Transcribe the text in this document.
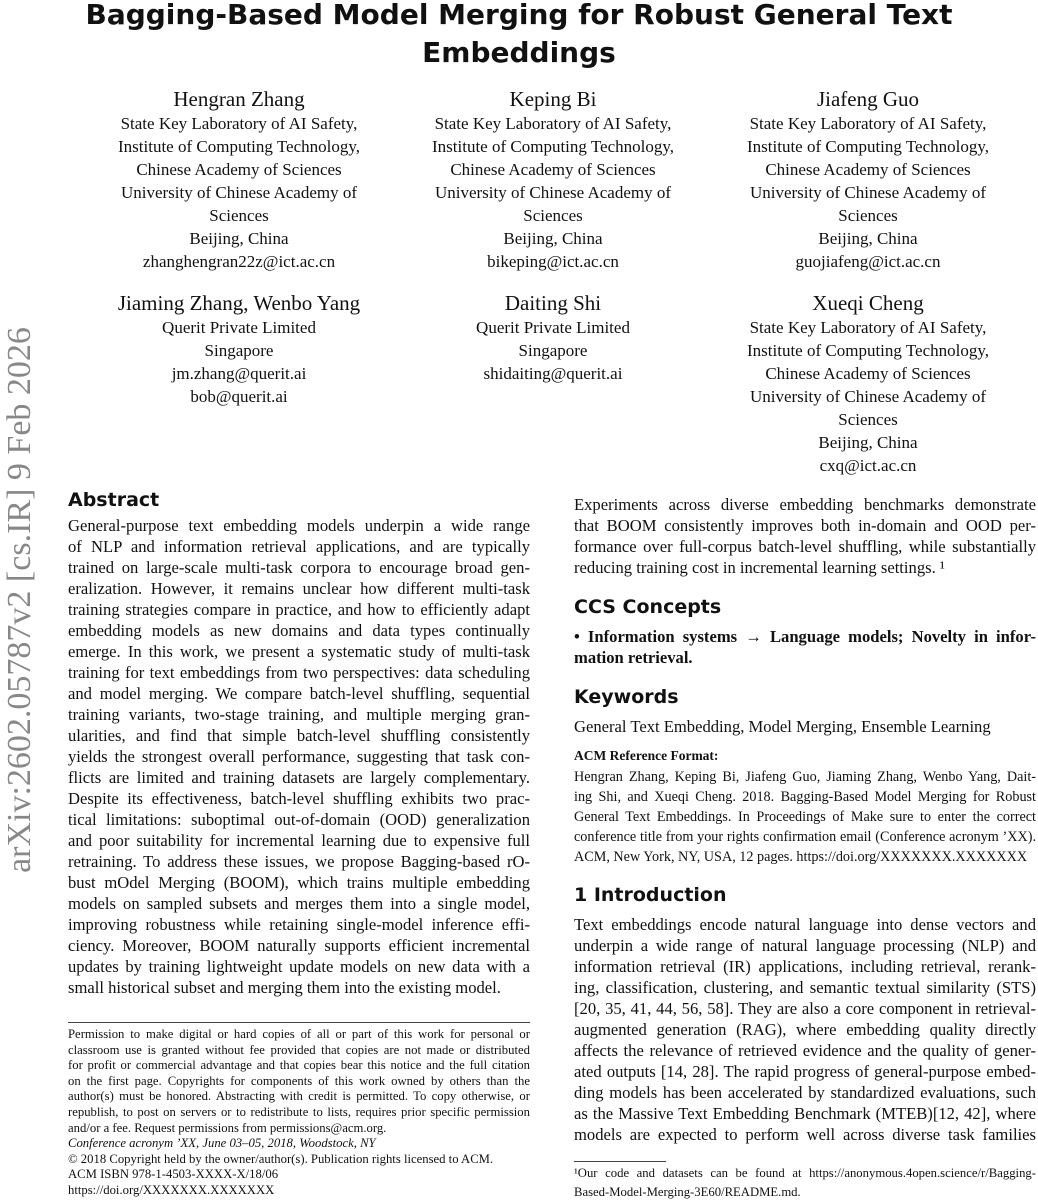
Bagging-Based Model Merging for Robust General Text
Embeddings
arXiv:2602.05787v2 [cs.IR] 9 Feb 2026
Hengran Zhang
State Key Laboratory of AI Safety,
Institute of Computing Technology,
Chinese Academy of Sciences
University of Chinese Academy of
Sciences
Beijing, China
zhanghengran22z@ict.ac.cn
Keping Bi
State Key Laboratory of AI Safety,
Institute of Computing Technology,
Chinese Academy of Sciences
University of Chinese Academy of
Sciences
Beijing, China
bikeping@ict.ac.cn
Jiafeng Guo
State Key Laboratory of AI Safety,
Institute of Computing Technology,
Chinese Academy of Sciences
University of Chinese Academy of
Sciences
Beijing, China
guojiafeng@ict.ac.cn
Jiaming Zhang, Wenbo Yang
Querit Private Limited
Singapore
jm.zhang@querit.ai
bob@querit.ai
Daiting Shi
Querit Private Limited
Singapore
shidaiting@querit.ai
Xueqi Cheng
State Key Laboratory of AI Safety,
Institute of Computing Technology,
Chinese Academy of Sciences
University of Chinese Academy of
Sciences
Beijing, China
cxq@ict.ac.cn
Abstract
General-purpose text embedding models underpin a wide range
of NLP and information retrieval applications, and are typically
trained on large-scale multi-task corpora to encourage broad gen-
eralization. However, it remains unclear how different multi-task
training strategies compare in practice, and how to efficiently adapt
embedding models as new domains and data types continually
emerge. In this work, we present a systematic study of multi-task
training for text embeddings from two perspectives: data scheduling
and model merging. We compare batch-level shuffling, sequential
training variants, two-stage training, and multiple merging gran-
ularities, and find that simple batch-level shuffling consistently
yields the strongest overall performance, suggesting that task con-
flicts are limited and training datasets are largely complementary.
Despite its effectiveness, batch-level shuffling exhibits two prac-
tical limitations: suboptimal out-of-domain (OOD) generalization
and poor suitability for incremental learning due to expensive full
retraining. To address these issues, we propose Bagging-based rO-
bust mOdel Merging (BOOM), which trains multiple embedding
models on sampled subsets and merges them into a single model,
improving robustness while retaining single-model inference effi-
ciency. Moreover, BOOM naturally supports efficient incremental
updates by training lightweight update models on new data with a
small historical subset and merging them into the existing model.
Permission to make digital or hard copies of all or part of this work for personal or
classroom use is granted without fee provided that copies are not made or distributed
for profit or commercial advantage and that copies bear this notice and the full citation
on the first page. Copyrights for components of this work owned by others than the
author(s) must be honored. Abstracting with credit is permitted. To copy otherwise, or
republish, to post on servers or to redistribute to lists, requires prior specific permission
and/or a fee. Request permissions from permissions@acm.org.
Conference acronym ’XX, June 03–05, 2018, Woodstock, NY
© 2018 Copyright held by the owner/author(s). Publication rights licensed to ACM.
ACM ISBN 978-1-4503-XXXX-X/18/06
https://doi.org/XXXXXXX.XXXXXXX
Experiments across diverse embedding benchmarks demonstrate
that BOOM consistently improves both in-domain and OOD per-
formance over full-corpus batch-level shuffling, while substantially
reducing training cost in incremental learning settings. ¹
CCS Concepts
• Information systems → Language models; Novelty in infor-
mation retrieval.
Keywords
General Text Embedding, Model Merging, Ensemble Learning
ACM Reference Format:
Hengran Zhang, Keping Bi, Jiafeng Guo, Jiaming Zhang, Wenbo Yang, Dait-
ing Shi, and Xueqi Cheng. 2018. Bagging-Based Model Merging for Robust
General Text Embeddings. In Proceedings of Make sure to enter the correct
conference title from your rights confirmation email (Conference acronym ’XX).
ACM, New York, NY, USA, 12 pages. https://doi.org/XXXXXXX.XXXXXXX
1 Introduction
Text embeddings encode natural language into dense vectors and
underpin a wide range of natural language processing (NLP) and
information retrieval (IR) applications, including retrieval, rerank-
ing, classification, clustering, and semantic textual similarity (STS)
[20, 35, 41, 44, 56, 58]. They are also a core component in retrieval-
augmented generation (RAG), where embedding quality directly
affects the relevance of retrieved evidence and the quality of gener-
ated outputs [14, 28]. The rapid progress of general-purpose embed-
ding models has been accelerated by standardized evaluations, such
as the Massive Text Embedding Benchmark (MTEB)[12, 42], where
models are expected to perform well across diverse task families
¹Our code and datasets can be found at https://anonymous.4open.science/r/Bagging-
Based-Model-Merging-3E60/README.md.
